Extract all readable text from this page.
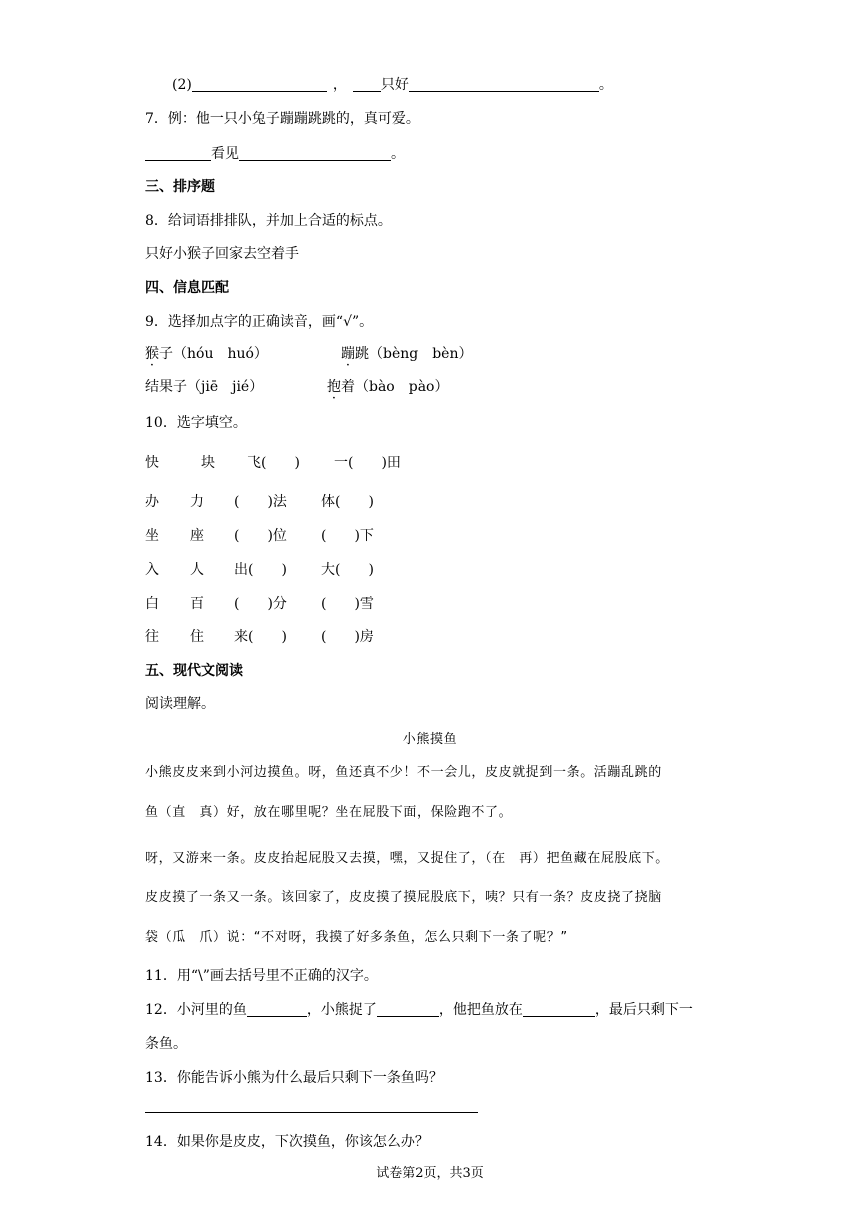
(2)	， 只好	。
7．例：他一只小兔子蹦蹦跳跳的，真可爱。
看见	。
三、排序题
8．给词语排排队，并加上合适的标点。
只好小猴子回家去空着手
四、信息匹配
9．选择加点字的正确读音，画“√”。
猴子（hóu　huó）	蹦跳（bèng　bèn）
结果子（jiē　jié）	抱着（bào　pào）
10．选字填空。
快	块 飞(　　) 一(　　)田
办 力 (　　)法 体(　　)
坐 座 (　　)位 (　　)下
入 人 出(　　) 大(　　)
白 百 (　　)分 (　　)雪
往 住 来(　　) (　　)房
五、现代文阅读
阅读理解。
小熊摸鱼
小熊皮皮来到小河边摸鱼。呀，鱼还真不少！不一会儿，皮皮就捉到一条。活蹦乱跳的
鱼（直　真）好，放在哪里呢？坐在屁股下面，保险跑不了。
呀，又游来一条。皮皮抬起屁股又去摸，嘿，又捉住了，（在　再）把鱼藏在屁股底下。
皮皮摸了一条又一条。该回家了，皮皮摸了摸屁股底下，咦？只有一条？皮皮挠了挠脑
袋（瓜　爪）说：“不对呀，我摸了好多条鱼，怎么只剩下一条了呢？”
11．用“\”画去括号里不正确的汉字。
12．小河里的鱼	，小熊捉了	，他把鱼放在	，最后只剩下一
条鱼。
13．你能告诉小熊为什么最后只剩下一条鱼吗？
14．如果你是皮皮，下次摸鱼，你该怎么办？
试卷第2页，共3页
